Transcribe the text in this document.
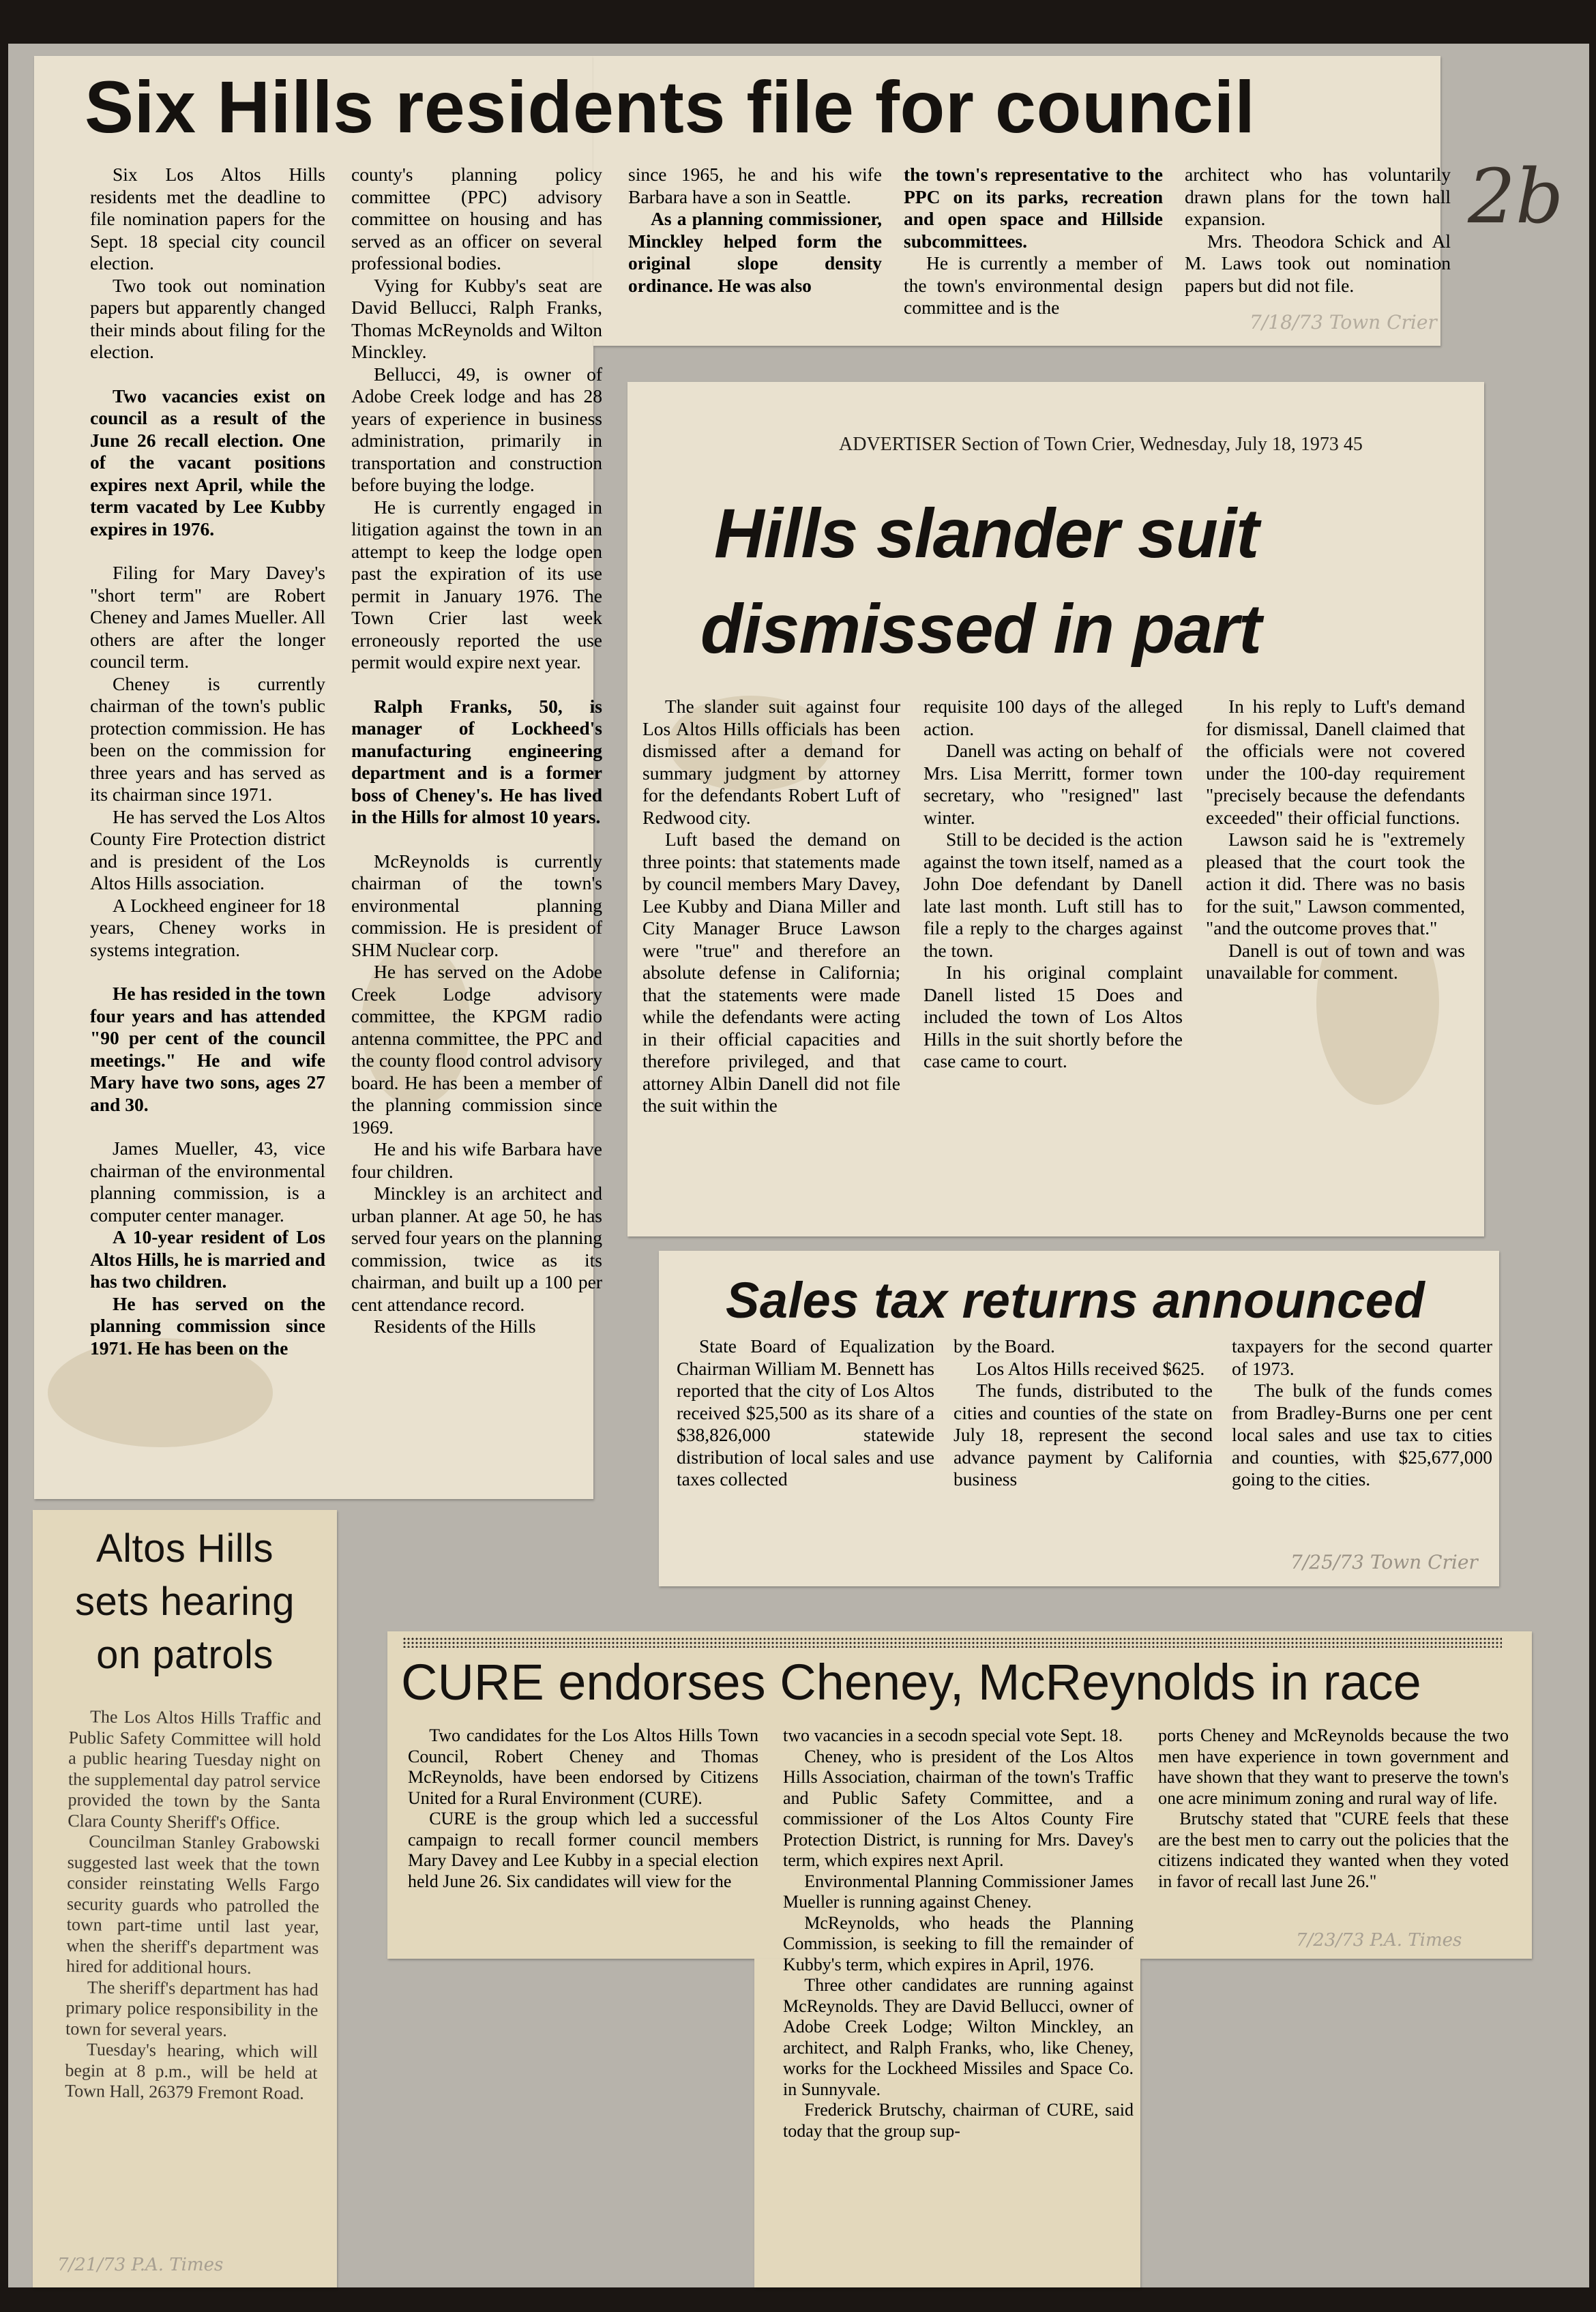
2b
Six Hills residents file for council

Six Los Altos Hills residents met the deadline to file nomination papers for the Sept. 18 special city council election.

Two took out nomination papers but apparently changed their minds about filing for the election.

Two vacancies exist on council as a result of the June 26 recall election. One of the vacant positions expires next April, while the term vacated by Lee Kubby expires in 1976.

Filing for Mary Davey's "short term" are Robert Cheney and James Mueller. All others are after the longer council term.

Cheney is currently chairman of the town's public protection commission. He has been on the commission for three years and has served as its chairman since 1971.

He has served the Los Altos County Fire Protection district and is president of the Los Altos Hills association.

A Lockheed engineer for 18 years, Cheney works in systems integration.

He has resided in the town four years and has attended "90 per cent of the council meetings." He and wife Mary have two sons, ages 27 and 30.

James Mueller, 43, vice chairman of the environmental planning commission, is a computer center manager.

A 10-year resident of Los Altos Hills, he is married and has two children.

He has served on the planning commission since 1971. He has been on the

county's planning policy committee (PPC) advisory committee on housing and has served as an officer on several professional bodies.

Vying for Kubby's seat are David Bellucci, Ralph Franks, Thomas McReynolds and Wilton Minckley.

Bellucci, 49, is owner of Adobe Creek lodge and has 28 years of experience in business administration, primarily in transportation and construction before buying the lodge.

He is currently engaged in litigation against the town in an attempt to keep the lodge open past the expiration of its use permit in January 1976. The Town Crier last week erroneously reported the use permit would expire next year.

Ralph Franks, 50, is manager of Lockheed's manufacturing engineering department and is a former boss of Cheney's. He has lived in the Hills for almost 10 years.

McReynolds is currently chairman of the town's environmental planning commission. He is president of SHM Nuclear corp.

He has served on the Adobe Creek Lodge advisory committee, the KPGM radio antenna committee, the PPC and the county flood control advisory board. He has been a member of the planning commission since 1969.

He and his wife Barbara have four children.

Minckley is an architect and urban planner. At age 50, he has served four years on the planning commission, twice as its chairman, and built up a 100 per cent attendance record.

Residents of the Hills

since 1965, he and his wife Barbara have a son in Seattle.

As a planning commissioner, Minckley helped form the original slope density ordinance. He was also

the town's representative to the PPC on its parks, recreation and open space and Hillside subcommittees.

He is currently a member of the town's environmental design committee and is the

architect who has voluntarily drawn plans for the town hall expansion.

Mrs. Theodora Schick and Al M. Laws took out nomination papers but did not file.

7/18/73 Town Crier
ADVERTISER Section of Town Crier, Wednesday, July 18, 1973 45
Hills slander suit
dismissed in part

The slander suit against four Los Altos Hills officials has been dismissed after a demand for summary judgment by attorney for the defendants Robert Luft of Redwood city.

Luft based the demand on three points: that statements made by council members Mary Davey, Lee Kubby and Diana Miller and City Manager Bruce Lawson were "true" and therefore an absolute defense in California; that the statements were made while the defendants were acting in their official capacities and therefore privileged, and that attorney Albin Danell did not file the suit within the

requisite 100 days of the alleged action.

Danell was acting on behalf of Mrs. Lisa Merritt, former town secretary, who "resigned" last winter.

Still to be decided is the action against the town itself, named as a John Doe defendant by Danell late last month. Luft still has to file a reply to the charges against the town.

In his original complaint Danell listed 15 Does and included the town of Los Altos Hills in the suit shortly before the case came to court.

In his reply to Luft's demand for dismissal, Danell claimed that the officials were not covered under the 100-day requirement "precisely because the defendants exceeded" their official functions.

Lawson said he is "extremely pleased that the court took the action it did. There was no basis for the suit," Lawson commented, "and the outcome proves that."

Danell is out of town and was unavailable for comment.

Sales tax returns announced

State Board of Equalization Chairman William M. Bennett has reported that the city of Los Altos received $25,500 as its share of a $38,826,000 statewide distribution of local sales and use taxes collected

by the Board.

Los Altos Hills received $625.

The funds, distributed to the cities and counties of the state on July 18, represent the second advance payment by California business

taxpayers for the second quarter of 1973.

The bulk of the funds comes from Bradley-Burns one per cent local sales and use tax to cities and counties, with $25,677,000 going to the cities.

7/25/73 Town Crier
Altos Hills
sets hearing
on patrols

The Los Altos Hills Traffic and Public Safety Committee will hold a public hearing Tuesday night on the supplemental day patrol service provided the town by the Santa Clara County Sheriff's Office.

Councilman Stanley Grabowski suggested last week that the town consider reinstating Wells Fargo security guards who patrolled the town part-time until last year, when the sheriff's department was hired for additional hours.

The sheriff's department has had primary police responsibility in the town for several years.

Tuesday's hearing, which will begin at 8 p.m., will be held at Town Hall, 26379 Fremont Road.

7/21/73 P.A. Times
CURE endorses Cheney, McReynolds in race

Two candidates for the Los Altos Hills Town Council, Robert Cheney and Thomas McReynolds, have been endorsed by Citizens United for a Rural Environment (CURE).

CURE is the group which led a successful campaign to recall former council members Mary Davey and Lee Kubby in a special election held June 26. Six candidates will view for the

two vacancies in a secodn special vote Sept. 18.

Cheney, who is president of the Los Altos Hills Association, chairman of the town's Traffic and Public Safety Committee, and a commissioner of the Los Altos County Fire Protection District, is running for Mrs. Davey's term, which expires next April.

Environmental Planning Commissioner James Mueller is running against Cheney.

McReynolds, who heads the Planning Commission, is seeking to fill the remainder of Kubby's term, which expires in April, 1976.

Three other candidates are running against McReynolds. They are David Bellucci, owner of Adobe Creek Lodge; Wilton Minckley, an architect, and Ralph Franks, who, like Cheney, works for the Lockheed Missiles and Space Co. in Sunnyvale.

Frederick Brutschy, chairman of CURE, said today that the group sup-

ports Cheney and McReynolds because the two men have experience in town government and have shown that they want to preserve the town's one acre minimum zoning and rural way of life.

Brutschy stated that "CURE feels that these are the best men to carry out the policies that the citizens indicated they wanted when they voted in favor of recall last June 26."

7/23/73 P.A. Times
